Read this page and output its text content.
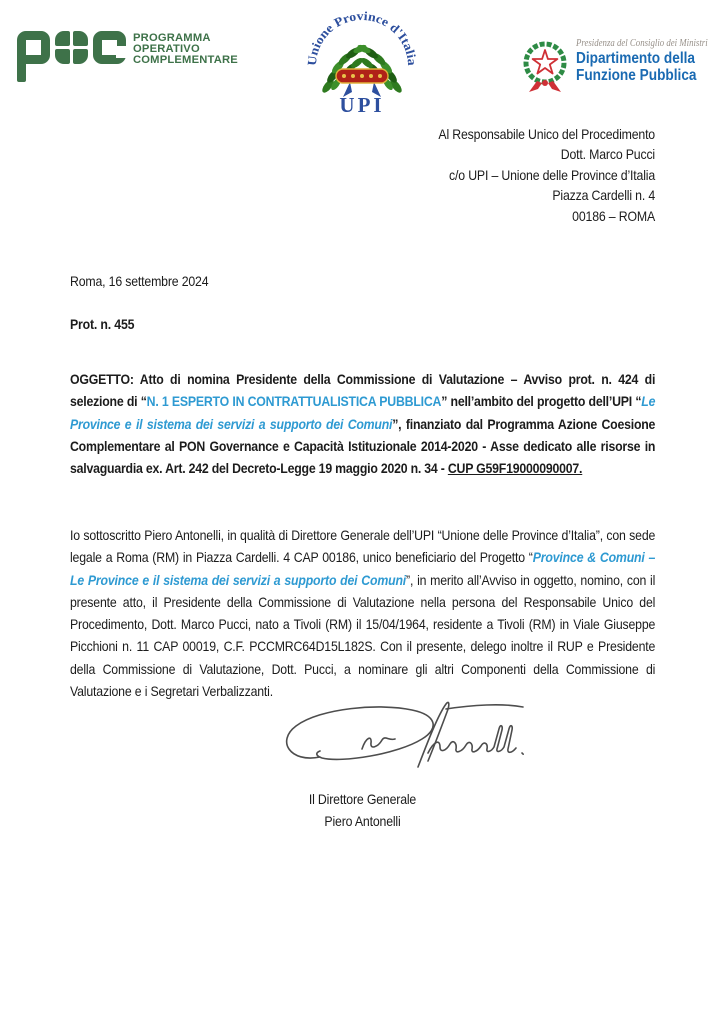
PROGRAMMA
OPERATIVO
COMPLEMENTARE	Unione Province d'Italia
UPI
Presidenza del Consiglio dei Ministri
Dipartimento della
Funzione Pubblica
Al Responsabile Unico del Procedimento
Dott. Marco Pucci
c/o UPI – Unione delle Province d’Italia
Piazza Cardelli n. 4
00186 – ROMA
Roma, 16 settembre 2024
Prot. n. 455

OGGETTO: Atto di nomina Presidente della Commissione di Valutazione – Avviso prot. n. 424 di selezione di “N. 1 ESPERTO IN CONTRATTUALISTICA PUBBLICA” nell’ambito del progetto dell’UPI “Le Province e il sistema dei servizi a supporto dei Comuni”, finanziato dal Programma Azione Coesione Complementare al PON Governance e Capacità Istituzionale 2014-2020 - Asse dedicato alle risorse in salvaguardia ex. Art. 242 del Decreto-Legge 19 maggio 2020 n. 34 - CUP G59F19000090007.

Io sottoscritto Piero Antonelli, in qualità di Direttore Generale dell’UPI “Unione delle Province d’Italia”, con sede legale a Roma (RM) in Piazza Cardelli. 4 CAP 00186, unico beneficiario del Progetto “Province & Comuni – Le Province e il sistema dei servizi a supporto dei Comuni”, in merito all’Avviso in oggetto, nomino, con il presente atto, il Presidente della Commissione di Valutazione nella persona del Responsabile Unico del Procedimento, Dott. Marco Pucci, nato a Tivoli (RM) il 15/04/1964, residente a Tivoli (RM) in Viale Giuseppe Picchioni n. 11 CAP 00019, C.F. PCCMRC64D15L182S. Con il presente, delego inoltre il RUP e Presidente della Commissione di Valutazione, Dott. Pucci, a nominare gli altri Componenti della Commissione di Valutazione e i Segretari Verbalizzanti.

Il Direttore Generale
Piero Antonelli
